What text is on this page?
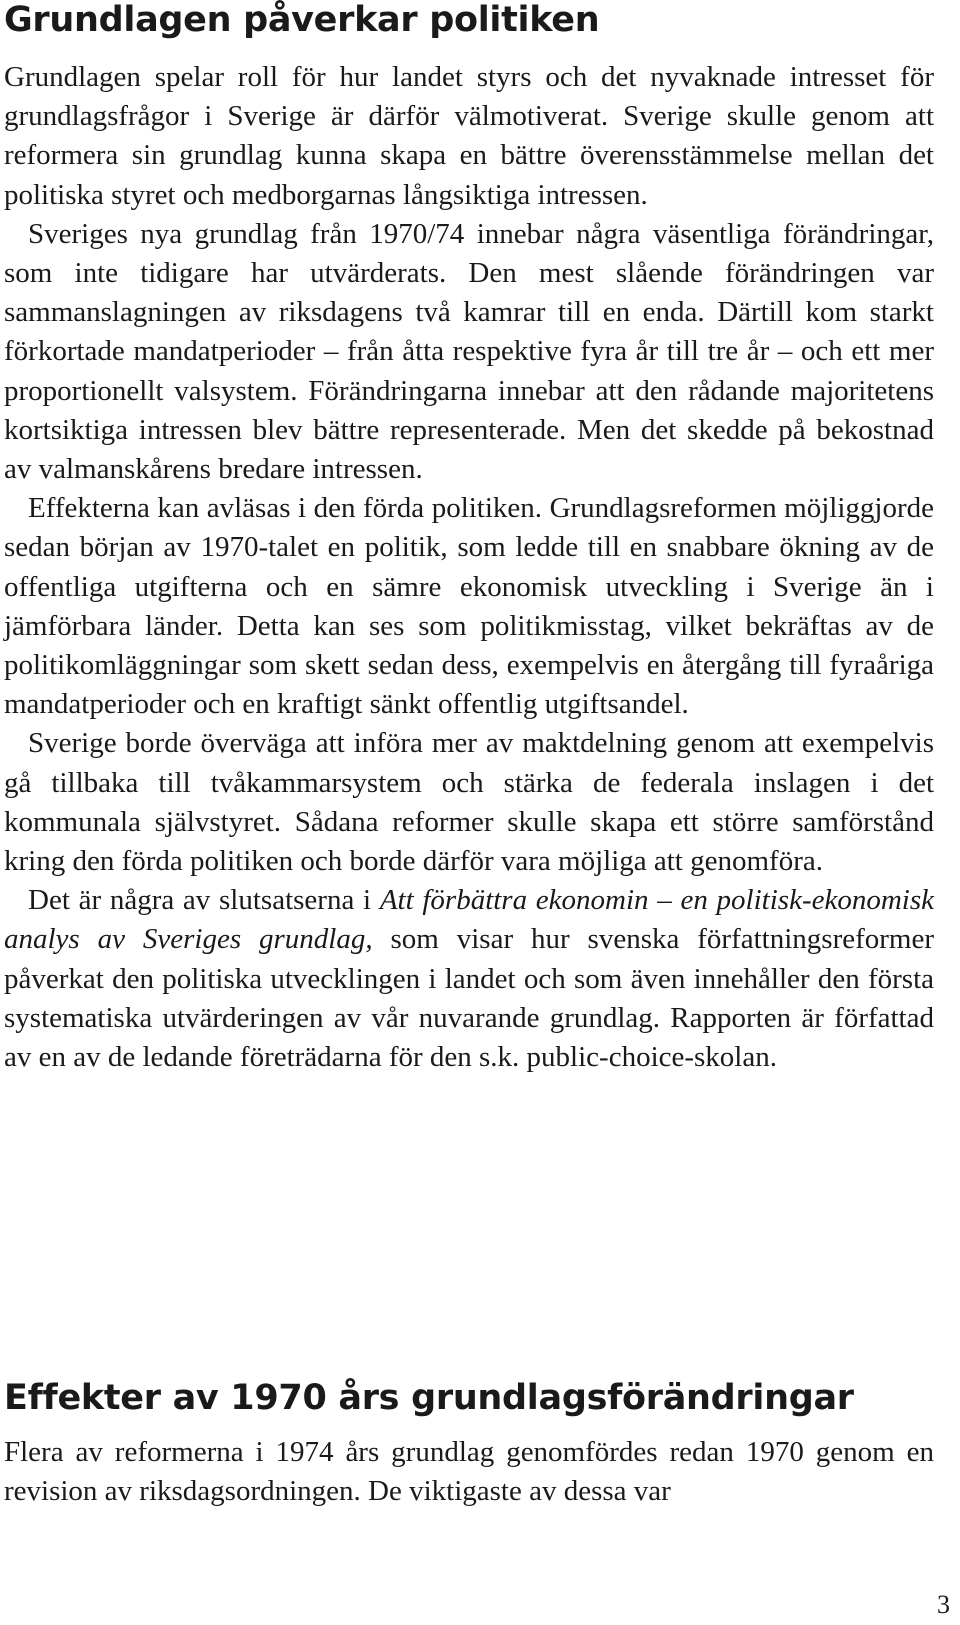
Grundlagen påverkar politiken

Grundlagen spelar roll för hur landet styrs och det nyvaknade intresset för grundlagsfrågor i Sverige är därför välmotiverat. Sverige skulle genom att reformera sin grundlag kunna skapa en bättre överensstämmelse mellan det politiska styret och medborgarnas långsiktiga intressen.

Sveriges nya grundlag från 1970/74 innebar några väsentliga förändringar, som inte tidigare har utvärderats. Den mest slående förändringen var sammanslagningen av riksdagens två kamrar till en enda. Därtill kom starkt förkortade mandatperioder – från åtta respektive fyra år till tre år – och ett mer proportionellt valsystem. Förändringarna innebar att den rådande majoritetens kortsiktiga intressen blev bättre representerade. Men det skedde på bekostnad av valmanskårens bredare intressen.

Effekterna kan avläsas i den förda politiken. Grundlagsreformen möjliggjorde sedan början av 1970-talet en politik, som ledde till en snabbare ökning av de offentliga utgifterna och en sämre ekonomisk utveckling i Sverige än i jämförbara länder. Detta kan ses som politikmisstag, vilket bekräftas av de politikomläggningar som skett sedan dess, exempelvis en återgång till fyraåriga mandatperioder och en kraftigt sänkt offentlig utgiftsandel.

Sverige borde överväga att införa mer av maktdelning genom att exempelvis gå tillbaka till tvåkammarsystem och stärka de federala inslagen i det kommunala självstyret. Sådana reformer skulle skapa ett större samförstånd kring den förda politiken och borde därför vara möjliga att genomföra.

Det är några av slutsatserna i Att förbättra ekonomin – en politisk-ekonomisk analys av Sveriges grundlag, som visar hur svenska författningsreformer påverkat den politiska utvecklingen i landet och som även innehåller den första systematiska utvärderingen av vår nuvarande grundlag. Rapporten är författad av en av de ledande företrädarna för den s.k. public-choice-skolan.

Effekter av 1970 års grundlagsförändringar

Flera av reformerna i 1974 års grundlag genomfördes redan 1970 genom en revision av riksdagsordningen. De viktigaste av dessa var

3
